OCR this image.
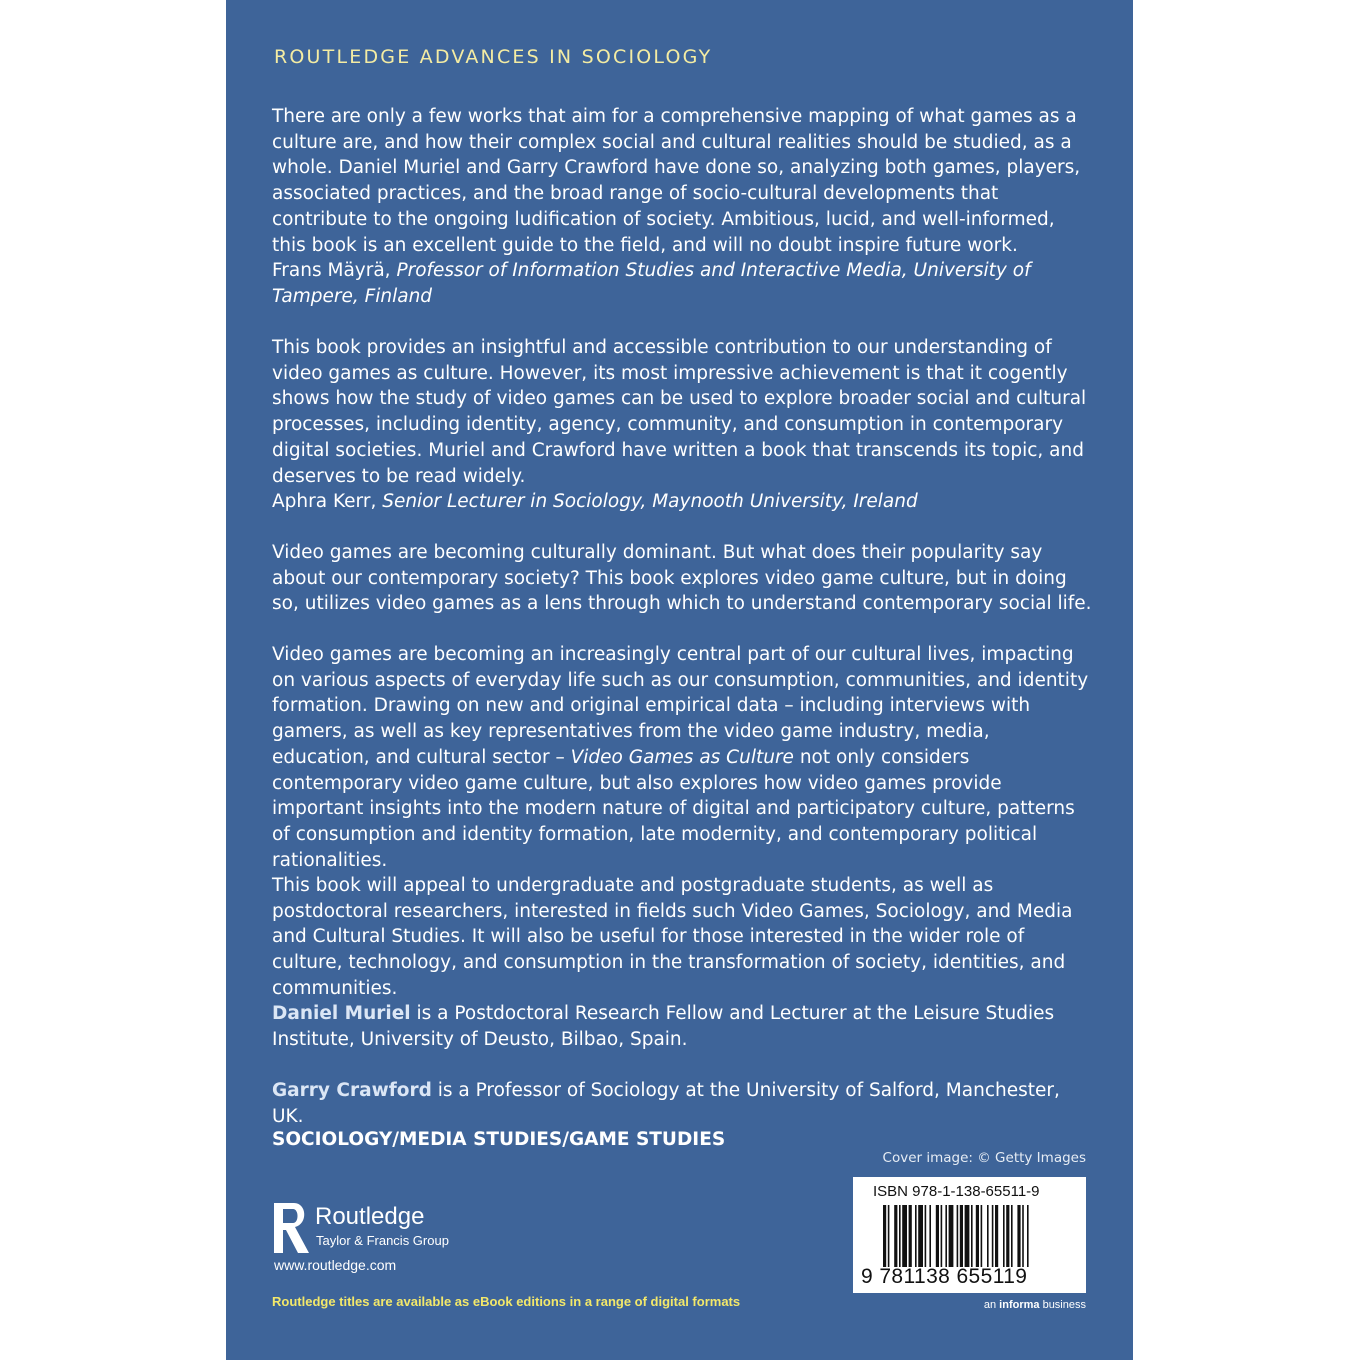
ROUTLEDGE ADVANCES IN SOCIOLOGY

There are only a few works that aim for a comprehensive mapping of what games as a culture are, and how their complex social and cultural realities should be studied, as a whole. Daniel Muriel and Garry Crawford have done so, analyzing both games, players, associated practices, and the broad range of socio-cultural developments that contribute to the ongoing ludification of society. Ambitious, lucid, and well-informed, this book is an excellent guide to the field, and will no doubt inspire future work.
Frans Mäyrä, Professor of Information Studies and Interactive Media, University of Tampere, Finland

This book provides an insightful and accessible contribution to our understanding of video games as culture. However, its most impressive achievement is that it cogently shows how the study of video games can be used to explore broader social and cultural processes, including identity, agency, community, and consumption in contemporary digital societies. Muriel and Crawford have written a book that transcends its topic, and deserves to be read widely.
Aphra Kerr, Senior Lecturer in Sociology, Maynooth University, Ireland

Video games are becoming culturally dominant. But what does their popularity say about our contemporary society? This book explores video game culture, but in doing so, utilizes video games as a lens through which to understand contemporary social life.

Video games are becoming an increasingly central part of our cultural lives, impacting on various aspects of everyday life such as our consumption, communities, and identity formation. Drawing on new and original empirical data – including interviews with gamers, as well as key representatives from the video game industry, media, education, and cultural sector – Video Games as Culture not only considers contemporary video game culture, but also explores how video games provide important insights into the modern nature of digital and participatory culture, patterns of consumption and identity formation, late modernity, and contemporary political rationalities.

This book will appeal to undergraduate and postgraduate students, as well as postdoctoral researchers, interested in fields such Video Games, Sociology, and Media and Cultural Studies. It will also be useful for those interested in the wider role of culture, technology, and consumption in the transformation of society, identities, and communities.

Daniel Muriel is a Postdoctoral Research Fellow and Lecturer at the Leisure Studies Institute, University of Deusto, Bilbao, Spain.

Garry Crawford is a Professor of Sociology at the University of Salford, Manchester, UK.

SOCIOLOGY/MEDIA STUDIES/GAME STUDIES
Cover image: © Getty Images
ISBN 978-1-138-65511-9
9 781138 655119
an informa business
Routledge
Taylor & Francis Group
www.routledge.com
Routledge titles are available as eBook editions in a range of digital formats
